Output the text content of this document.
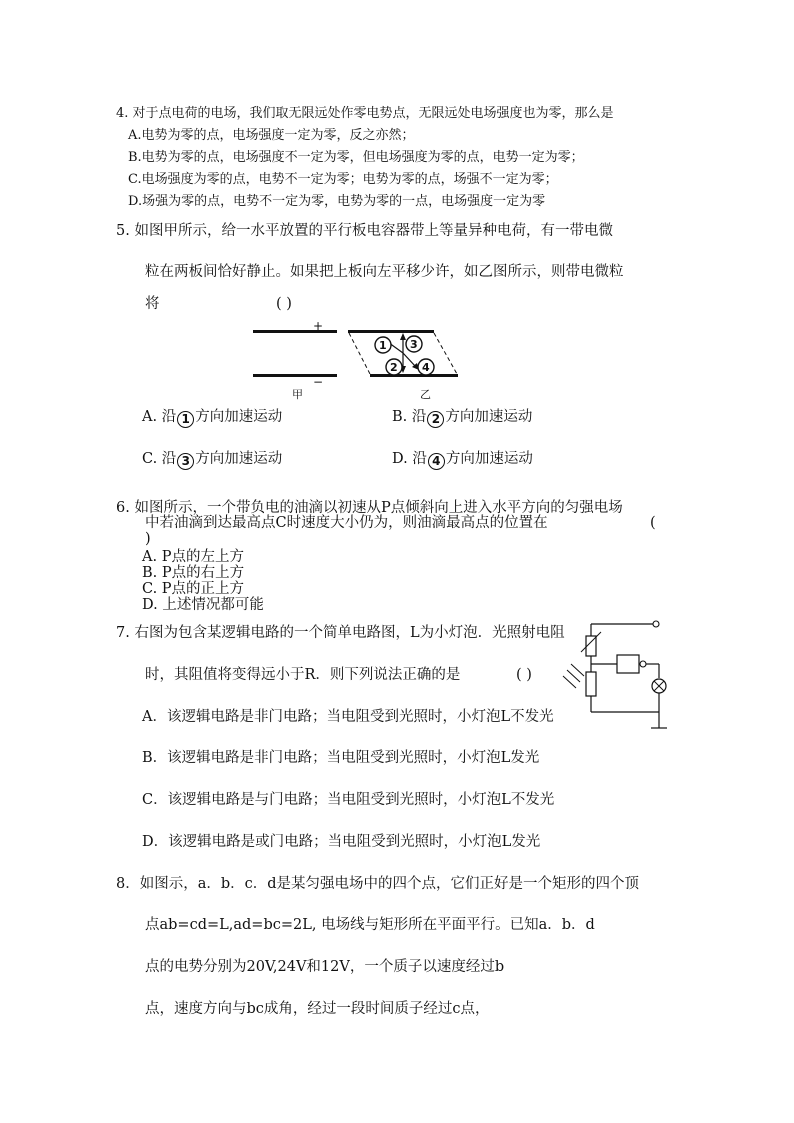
4. 对于点电荷的电场，我们取无限远处作零电势点，无限远处电场强度也为零，那么是
A.电势为零的点，电场强度一定为零，反之亦然；
B.电势为零的点，电场强度不一定为零，但电场强度为零的点，电势一定为零；
C.电场强度为零的点，电势不一定为零；电势为零的点，场强不一定为零；
D.场强为零的点，电势不一定为零，电势为零的一点，电场强度一定为零
5. 如图甲所示，给一水平放置的平行板电容器带上等量异种电荷，有一带电微
粒在两板间恰好静止。如果把上板向左平移少许，如乙图所示，则带电微粒
将	( )
+
−
甲
1 3
2 4
乙
A. 沿 1 方向加速运动	B. 沿 2 方向加速运动
C. 沿 3 方向加速运动	D. 沿 4 方向加速运动
6. 如图所示，一个带负电的油滴以初速从P点倾斜向上进入水平方向的匀强电场
中若油滴到达最高点C时速度大小仍为，则油滴最高点的位置在	(
)
A. P点的左上方
B. P点的右上方
C. P点的正上方
D. 上述情况都可能
7. 右图为包含某逻辑电路的一个简单电路图，L为小灯泡．光照射电阻
时，其阻值将变得远小于R．则下列说法正确的是	( )
A．该逻辑电路是非门电路；当电阻受到光照时，小灯泡L不发光
B．该逻辑电路是非门电路；当电阻受到光照时，小灯泡L发光
C．该逻辑电路是与门电路；当电阻受到光照时，小灯泡L不发光
D．该逻辑电路是或门电路；当电阻受到光照时，小灯泡L发光
8．如图示，a．b．c．d是某匀强电场中的四个点，它们正好是一个矩形的四个顶
点ab=cd=L,ad=bc=2L, 电场线与矩形所在平面平行。已知a．b．d
点的电势分别为20V,24V和12V，一个质子以速度经过b
点，速度方向与bc成角，经过一段时间质子经过c点，
